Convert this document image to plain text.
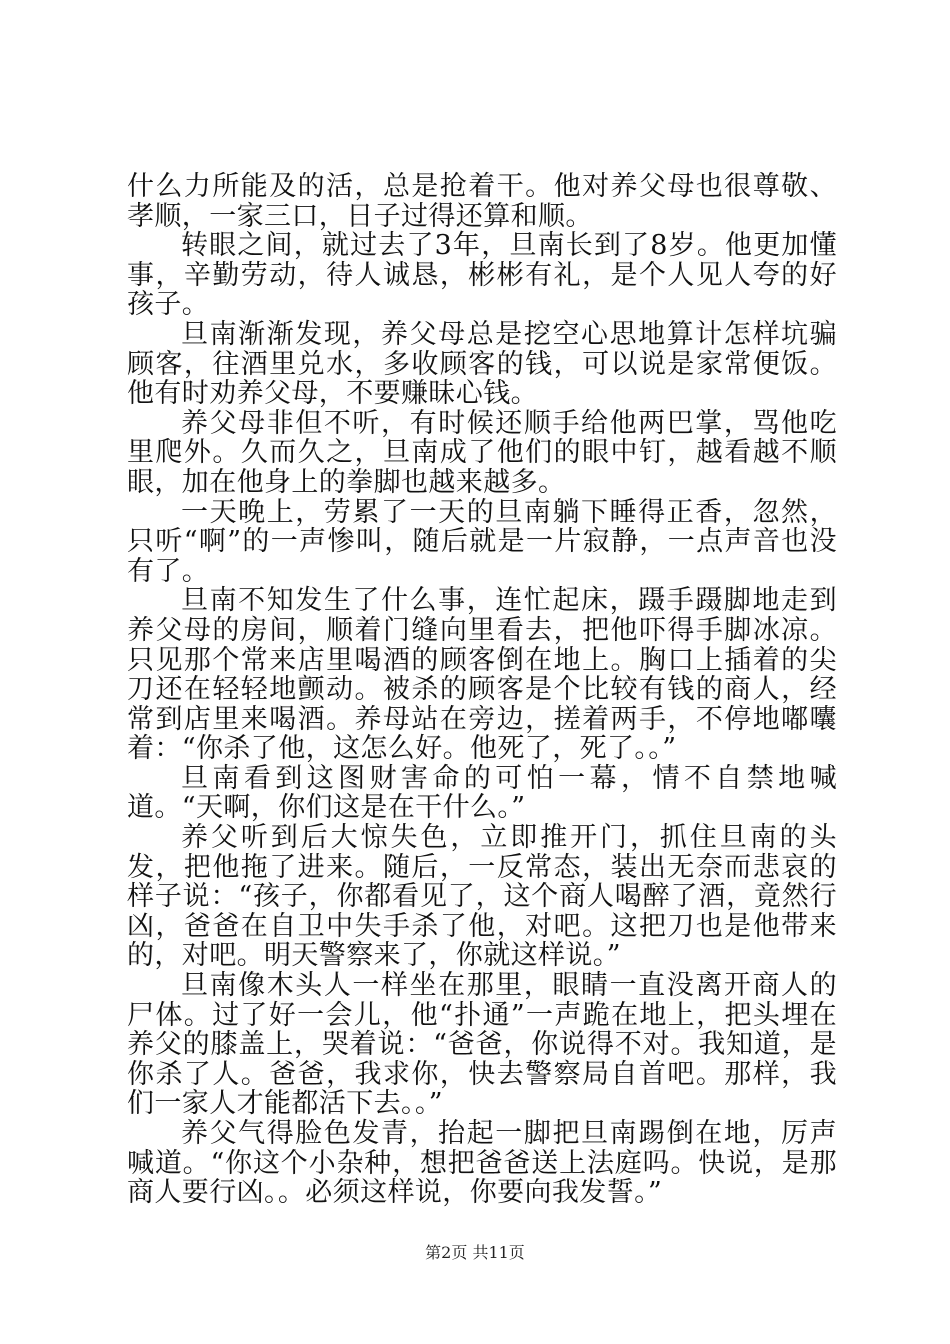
什么力所能及的活，总是抢着干。他对养父母也很尊敬、孝顺，一家三口，日子过得还算和顺。

转眼之间，就过去了3年，旦南长到了8岁。他更加懂事，辛勤劳动，待人诚恳，彬彬有礼，是个人见人夸的好孩子。

旦南渐渐发现，养父母总是挖空心思地算计怎样坑骗顾客，往酒里兑水，多收顾客的钱，可以说是家常便饭。他有时劝养父母，不要赚昧心钱。

养父母非但不听，有时候还顺手给他两巴掌，骂他吃里爬外。久而久之，旦南成了他们的眼中钉，越看越不顺眼，加在他身上的拳脚也越来越多。

一天晚上，劳累了一天的旦南躺下睡得正香，忽然，只听“啊”的一声惨叫，随后就是一片寂静，一点声音也没有了。

旦南不知发生了什么事，连忙起床，蹑手蹑脚地走到养父母的房间，顺着门缝向里看去，把他吓得手脚冰凉。只见那个常来店里喝酒的顾客倒在地上。胸口上插着的尖刀还在轻轻地颤动。被杀的顾客是个比较有钱的商人，经常到店里来喝酒。养母站在旁边，搓着两手，不停地嘟囔着：“你杀了他，这怎么好。他死了，死了。。”

旦南看到这图财害命的可怕一幕，情不自禁地喊道。“天啊，你们这是在干什么。”

养父听到后大惊失色，立即推开门，抓住旦南的头发，把他拖了进来。随后，一反常态，装出无奈而悲哀的样子说：“孩子，你都看见了，这个商人喝醉了酒，竟然行凶，爸爸在自卫中失手杀了他，对吧。这把刀也是他带来的，对吧。明天警察来了，你就这样说。”

旦南像木头人一样坐在那里，眼睛一直没离开商人的尸体。过了好一会儿，他“扑通”一声跪在地上，把头埋在养父的膝盖上，哭着说：“爸爸，你说得不对。我知道，是你杀了人。爸爸，我求你，快去警察局自首吧。那样，我们一家人才能都活下去。。”

养父气得脸色发青，抬起一脚把旦南踢倒在地，厉声喊道。“你这个小杂种，想把爸爸送上法庭吗。快说，是那商人要行凶。。必须这样说，你要向我发誓。”

第2页 共11页
